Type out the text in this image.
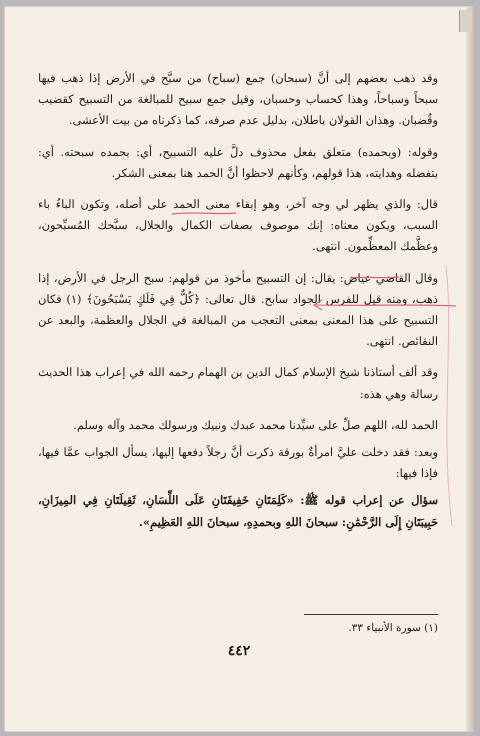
وقد ذهب بعضهم إلى أنَّ (سبحان) جمع (سباح) من سبَّح في الأرض إذا ذهب فيها سبحاً وسباحاً، وهذا كحساب وحسبان، وقيل جمع سبيح للمبالغة من التسبيح كقضيب وقُضبان. وهذان القولان باطلان، بدليل عدم صرفه، كما ذكرناه من بيت الأعشى.

وقوله: (وبحمده) متعلق بفعل محذوف دلَّ عليه التسبيح، أي: بحمده سبحته. أي: بتفضله وهدايته، هذا قولهم، وكأنهم لاحظوا أنَّ الحمد هنا بمعنى الشكر.

قال: والذي يظهر لي وجه آخر، وهو إبقاء معنى الحمد على أصله، وتكون الباءُ باء السبب، ويكون معناه: إنك موصوف بصفات الكمال والجلال، سبَّحك المُسبِّحون، وعظَّمك المعظِّمون. انتهى.

وقال القاضي عياض: يقال: إن التسبيح مأخوذ من قولهم: سبح الرجل في الأرض، إذا ذهب، ومنه قيل للفرس الجواد سابح. قال تعالى: ﴿كُلٌّ فِي فَلَكٍ يَسْبَحُونَ﴾ (١) فكان التسبيح على هذا المعنى بمعنى التعجب من المبالغة في الجلال والعظمة، والبعد عن النقائص. انتهى.

وقد ألف أستاذنا شيخ الإسلام كمال الدين بن الهمام رحمه الله في إعراب هذا الحديث رسالة وهي هذه:

الحمد لله، اللهم صلِّ على سيِّدنا محمد عبدك ونبيك ورسولك محمد وآله وسلم.

وبعد: فقد دخلت عليَّ امرأةٌ بورقة ذكرت أنَّ رجلاً دفعها إليها، يسأل الجواب عمَّا فيها، فإذا فيها:

سؤال عن إعراب قوله ﷺ: «كَلِمَتَانِ خَفِيفَتَانِ عَلَى اللِّسَانِ، ثَقِيلَتَانِ فِي المِيزَانِ، حَبِيبَتَانِ إِلَى الرَّحْمَٰنِ: سبحانَ اللهِ وبحمدِهِ، سبحانَ اللهِ العَظِيمِ».

(١) سورة الأنبياء ٣٣.
٤٤٢
